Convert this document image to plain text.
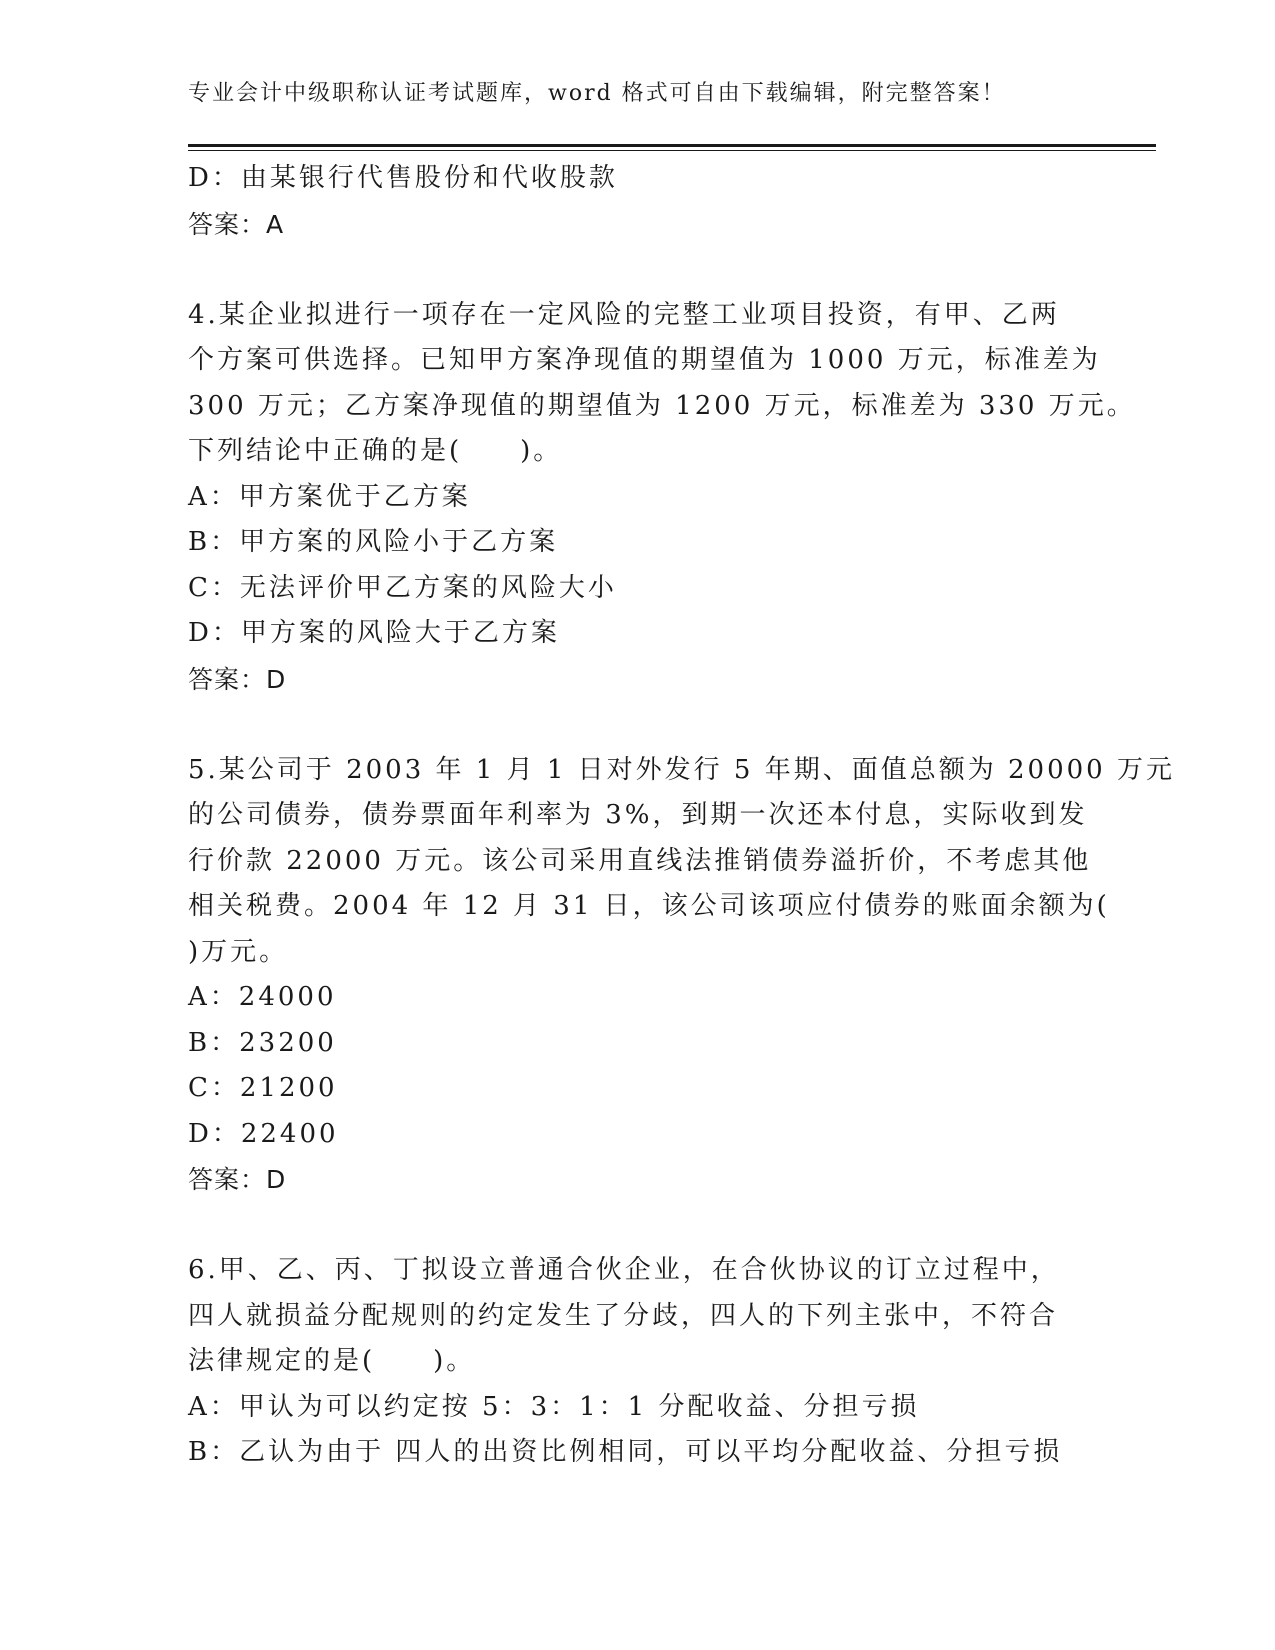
专业会计中级职称认证考试题库，word 格式可自由下载编辑，附完整答案！
D：由某银行代售股份和代收股款
答案：A
4.某企业拟进行一项存在一定风险的完整工业项目投资，有甲、乙两
个方案可供选择。已知甲方案净现值的期望值为 1000 万元，标准差为
300 万元；乙方案净现值的期望值为 1200 万元，标准差为 330 万元。
下列结论中正确的是(　　)。
A：甲方案优于乙方案
B：甲方案的风险小于乙方案
C：无法评价甲乙方案的风险大小
D：甲方案的风险大于乙方案
答案：D
5.某公司于 2003 年 1 月 1 日对外发行 5 年期、面值总额为 20000 万元
的公司债券，债券票面年利率为 3%，到期一次还本付息，实际收到发
行价款 22000 万元。该公司采用直线法推销债券溢折价，不考虑其他
相关税费。2004 年 12 月 31 日，该公司该项应付债券的账面余额为(
)万元。
A：24000
B：23200
C：21200
D：22400
答案：D
6.甲、乙、丙、丁拟设立普通合伙企业，在合伙协议的订立过程中，
四人就损益分配规则的约定发生了分歧，四人的下列主张中，不符合
法律规定的是(　　)。
A：甲认为可以约定按 5：3：1：1 分配收益、分担亏损
B：乙认为由于 四人的出资比例相同，可以平均分配收益、分担亏损
